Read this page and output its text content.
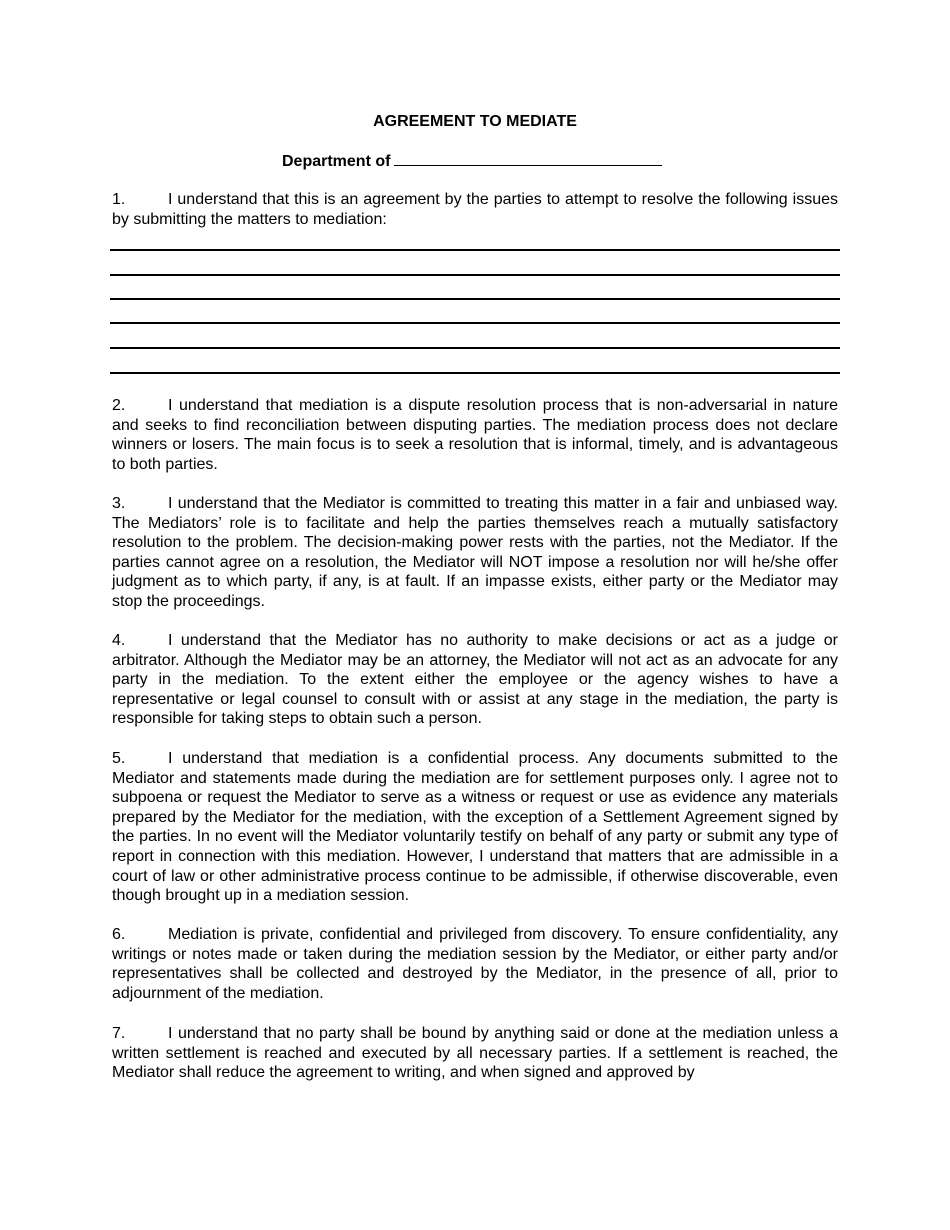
AGREEMENT TO MEDIATE
Department of
1.	I understand that this is an agreement by the parties to attempt to resolve the following issues by submitting the matters to mediation:
2.	I understand that mediation is a dispute resolution process that is non-adversarial in nature and seeks to find reconciliation between disputing parties. The mediation process does not declare winners or losers. The main focus is to seek a resolution that is informal, timely, and is advantageous to both parties.
3.	I understand that the Mediator is committed to treating this matter in a fair and unbiased way. The Mediators’ role is to facilitate and help the parties themselves reach a mutually satisfactory resolution to the problem. The decision-making power rests with the parties, not the Mediator. If the parties cannot agree on a resolution, the Mediator will NOT impose a resolution nor will he/she offer judgment as to which party, if any, is at fault. If an impasse exists, either party or the Mediator may stop the proceedings.
4.	I understand that the Mediator has no authority to make decisions or act as a judge or arbitrator. Although the Mediator may be an attorney, the Mediator will not act as an advocate for any party in the mediation. To the extent either the employee or the agency wishes to have a representative or legal counsel to consult with or assist at any stage in the mediation, the party is responsible for taking steps to obtain such a person.
5.	I understand that mediation is a confidential process. Any documents submitted to the Mediator and statements made during the mediation are for settlement purposes only. I agree not to subpoena or request the Mediator to serve as a witness or request or use as evidence any materials prepared by the Mediator for the mediation, with the exception of a Settlement Agreement signed by the parties. In no event will the Mediator voluntarily testify on behalf of any party or submit any type of report in connection with this mediation. However, I understand that matters that are admissible in a court of law or other administrative process continue to be admissible, if otherwise discoverable, even though brought up in a mediation session.
6.	Mediation is private, confidential and privileged from discovery. To ensure confidentiality, any writings or notes made or taken during the mediation session by the Mediator, or either party and/or representatives shall be collected and destroyed by the Mediator, in the presence of all, prior to adjournment of the mediation.
7.	I understand that no party shall be bound by anything said or done at the mediation unless a written settlement is reached and executed by all necessary parties. If a settlement is reached, the Mediator shall reduce the agreement to writing, and when signed and approved by
